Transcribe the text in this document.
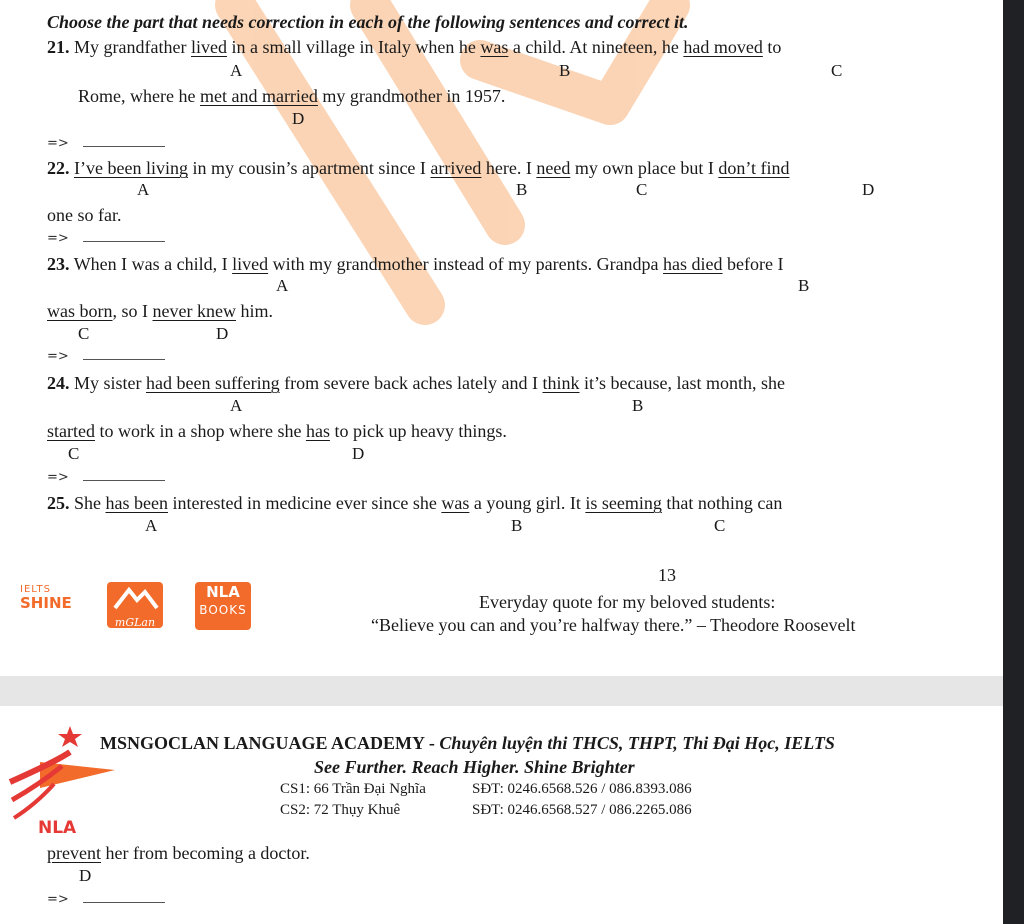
Choose the part that needs correction in each of the following sentences and correct it.
21. My grandfather lived in a small village in Italy when he was a child. At nineteen, he had moved to
A	B	C
Rome, where he met and married my grandmother in 1957.
D
=>
22. I’ve been living in my cousin’s apartment since I arrived here. I need my own place but I don’t find
A	B	C	D
one so far.
=>
23. When I was a child, I lived with my grandmother instead of my parents. Grandpa has died before I
A	B
was born, so I never knew him.
C	D
=>
24. My sister had been suffering from severe back aches lately and I think it’s because, last month, she
A	B
started to work in a shop where she has to pick up heavy things.
C	D
=>
25. She has been interested in medicine ever since she was a young girl. It is seeming that nothing can
A	B	C
13
IELTS
SHINE
mGLan
NLA
BOOKS	Everyday quote for my beloved students:
“Believe you can and you’re halfway there.” – Theodore Roosevelt
NLA
MSNGOCLAN LANGUAGE ACADEMY - Chuyên luyện thi THCS, THPT, Thi Đại Học, IELTS
See Further. Reach Higher. Shine Brighter
CS1: 66 Trần Đại Nghĩa	SĐT: 0246.6568.526 / 086.8393.086
CS2: 72 Thụy Khuê	SĐT: 0246.6568.527 / 086.2265.086
prevent her from becoming a doctor.
D
=>
